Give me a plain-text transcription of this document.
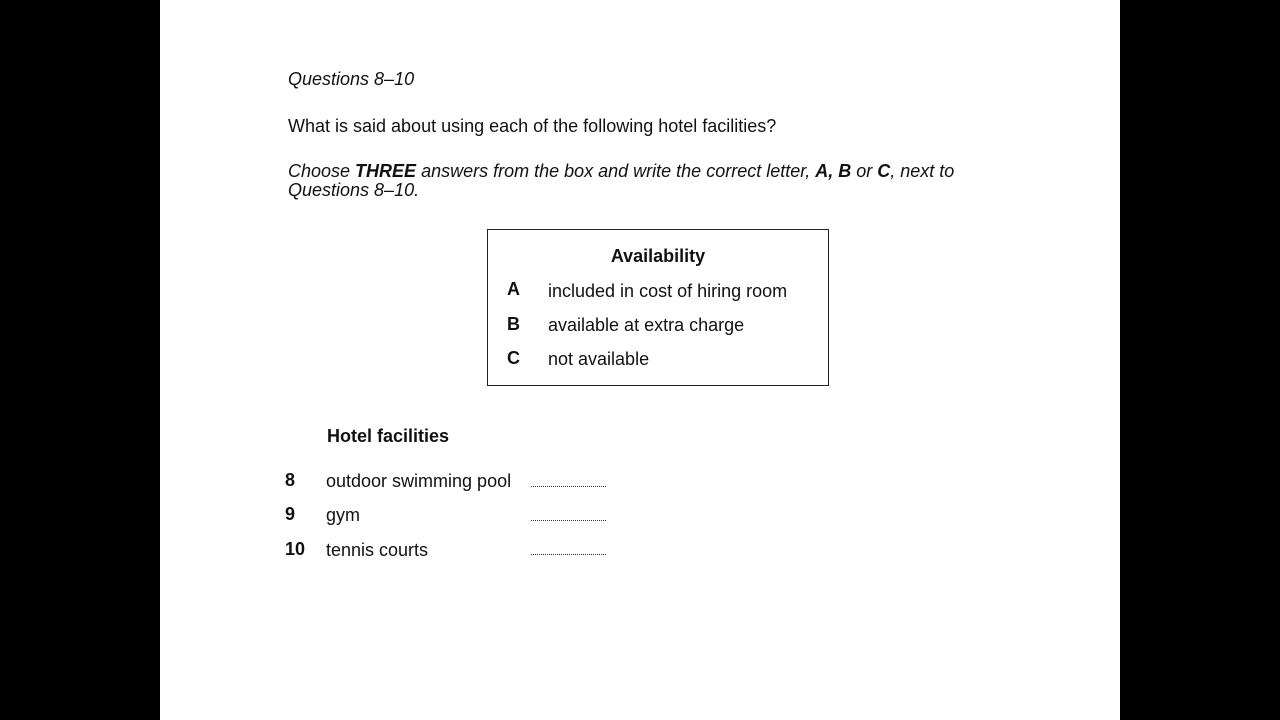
Questions 8–10
What is said about using each of the following hotel facilities?
Choose THREE answers from the box and write the correct letter, A, B or C, next to
Questions 8–10.
Availability
A included in cost of hiring room
B available at extra charge
C not available
Hotel facilities
8 outdoor swimming pool
9 gym
10 tennis courts
